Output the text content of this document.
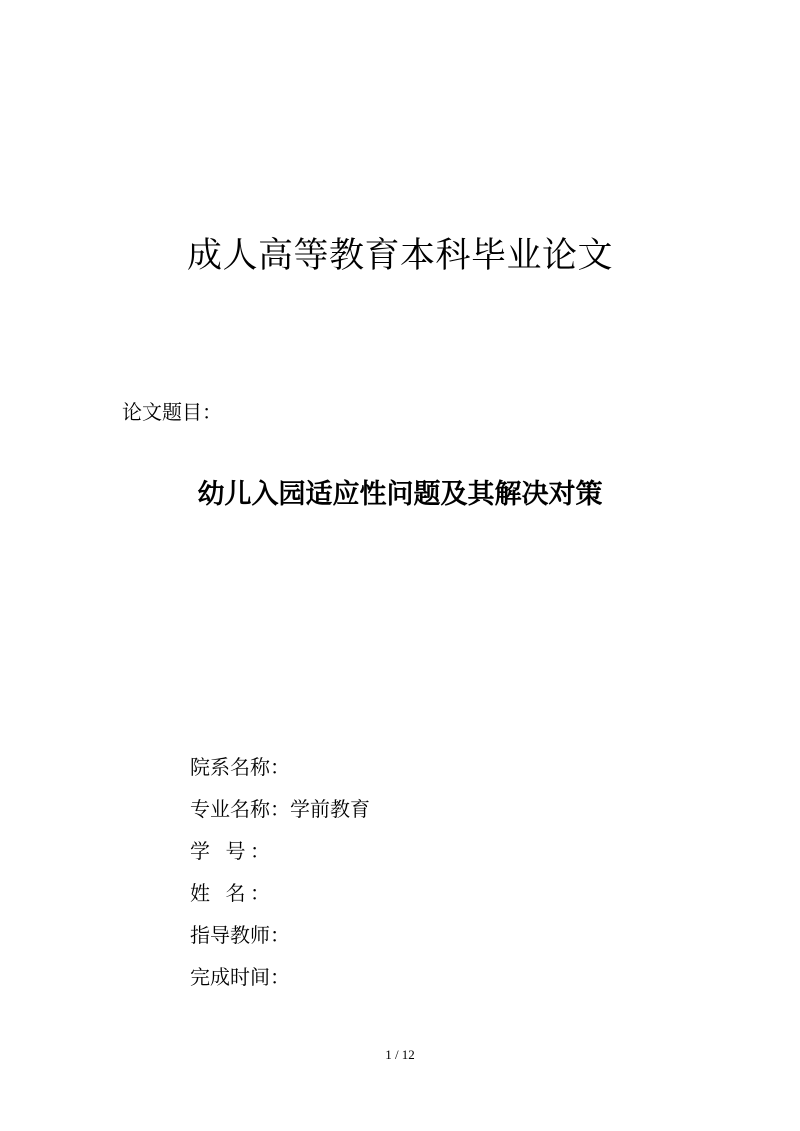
成人高等教育本科毕业论文
论文题目：
幼儿入园适应性问题及其解决对策
院系名称：
专业名称：学前教育
学 号：
姓 名：
指导教师：
完成时间：
1 / 12
